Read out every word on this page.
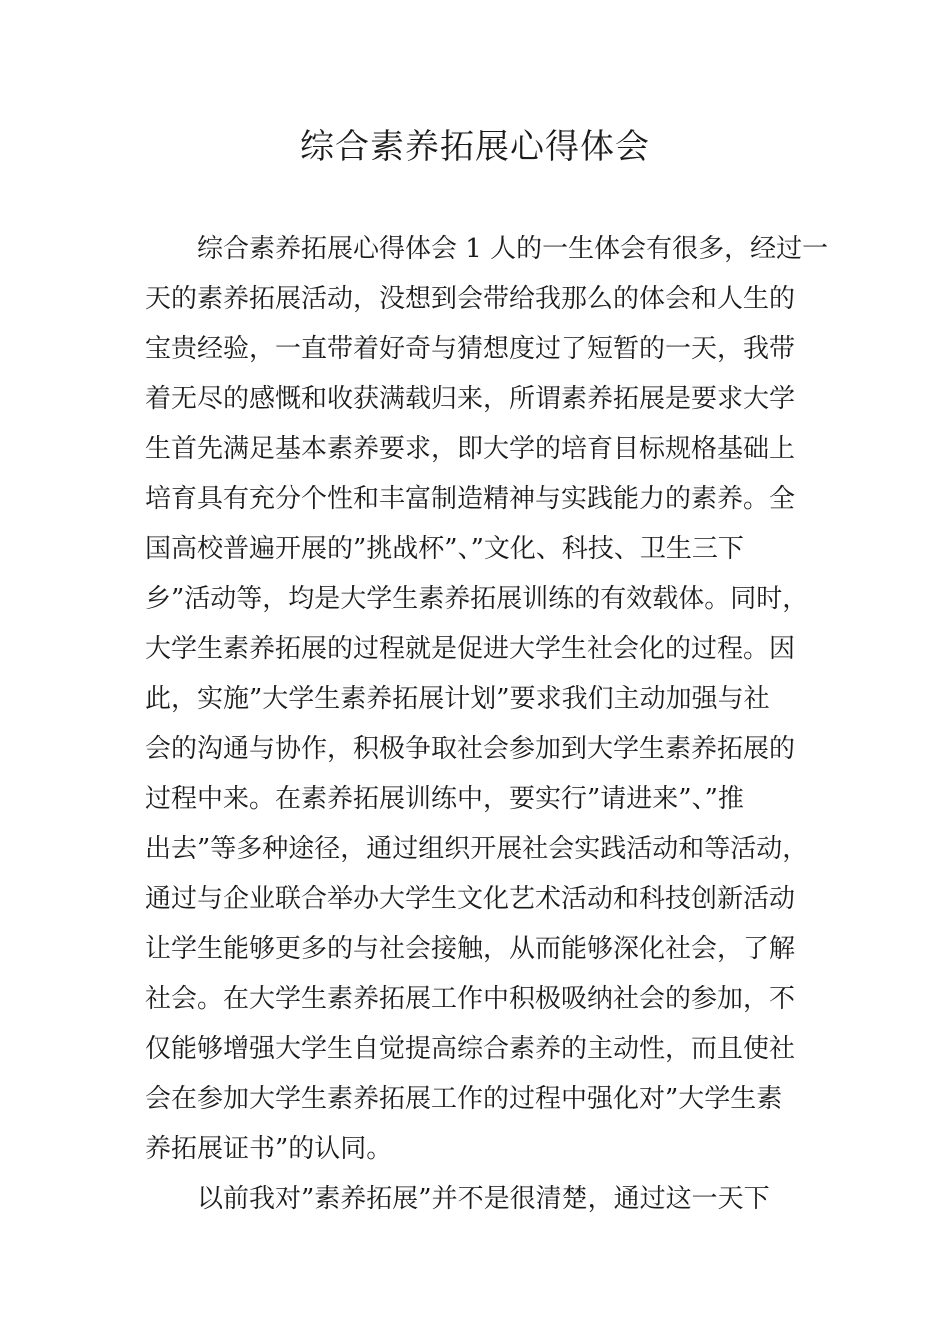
综合素养拓展心得体会
综合素养拓展心得体会 1 人的一生体会有很多，经过一
天的素养拓展活动，没想到会带给我那么的体会和人生的
宝贵经验，一直带着好奇与猜想度过了短暂的一天，我带
着无尽的感慨和收获满载归来，所谓素养拓展是要求大学
生首先满足基本素养要求，即大学的培育目标规格基础上
培育具有充分个性和丰富制造精神与实践能力的素养。全
国高校普遍开展的”挑战杯”、”文化、科技、卫生三下
乡”活动等，均是大学生素养拓展训练的有效载体。同时，
大学生素养拓展的过程就是促进大学生社会化的过程。因
此，实施”大学生素养拓展计划”要求我们主动加强与社
会的沟通与协作，积极争取社会参加到大学生素养拓展的
过程中来。在素养拓展训练中，要实行”请进来”、”推
出去”等多种途径，通过组织开展社会实践活动和等活动，
通过与企业联合举办大学生文化艺术活动和科技创新活动
让学生能够更多的与社会接触，从而能够深化社会，了解
社会。在大学生素养拓展工作中积极吸纳社会的参加，不
仅能够增强大学生自觉提高综合素养的主动性，而且使社
会在参加大学生素养拓展工作的过程中强化对”大学生素
养拓展证书”的认同。
以前我对”素养拓展”并不是很清楚，通过这一天下
